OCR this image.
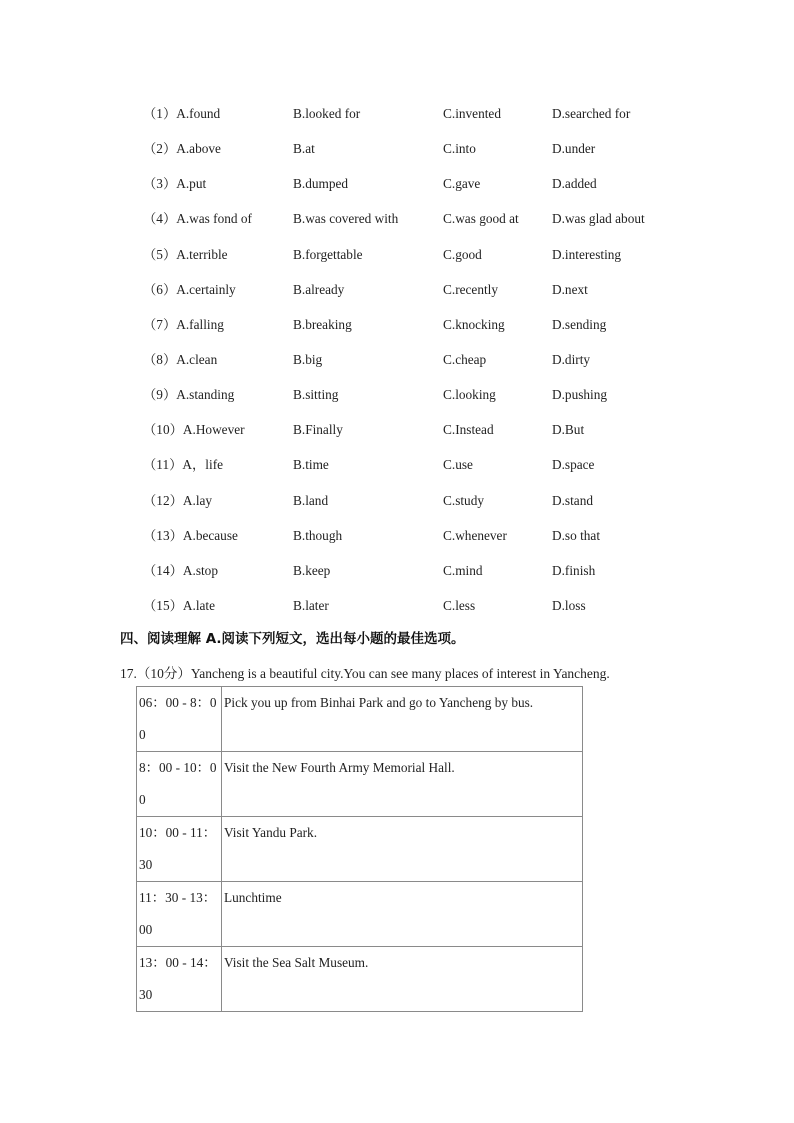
（1）A.found	B.looked for	C.invented	D.searched for
（2）A.above	B.at	C.into	D.under
（3）A.put	B.dumped	C.gave	D.added
（4）A.was fond of	B.was covered with	C.was good at	D.was glad about
（5）A.terrible	B.forgettable	C.good	D.interesting
（6）A.certainly	B.already	C.recently	D.next
（7）A.falling	B.breaking	C.knocking	D.sending
（8）A.clean	B.big	C.cheap	D.dirty
（9）A.standing	B.sitting	C.looking	D.pushing
（10）A.However	B.Finally	C.Instead	D.But
（11）A，life	B.time	C.use	D.space
（12）A.lay	B.land	C.study	D.stand
（13）A.because	B.though	C.whenever	D.so that
（14）A.stop	B.keep	C.mind	D.finish
（15）A.late	B.later	C.less	D.loss
四、阅读理解 A.阅读下列短文，选出每小题的最佳选项。
17.（10分）Yancheng is a beautiful city.You can see many places of interest in Yancheng.
06：00 - 8：00	Pick you up from Binhai Park and go to Yancheng by bus.
8：00 - 10：00	Visit the New Fourth Army Memorial Hall.
10：00 - 11：30	Visit Yandu Park.
11：30 - 13：00	Lunchtime
13：00 - 14：30	Visit the Sea Salt Museum.
